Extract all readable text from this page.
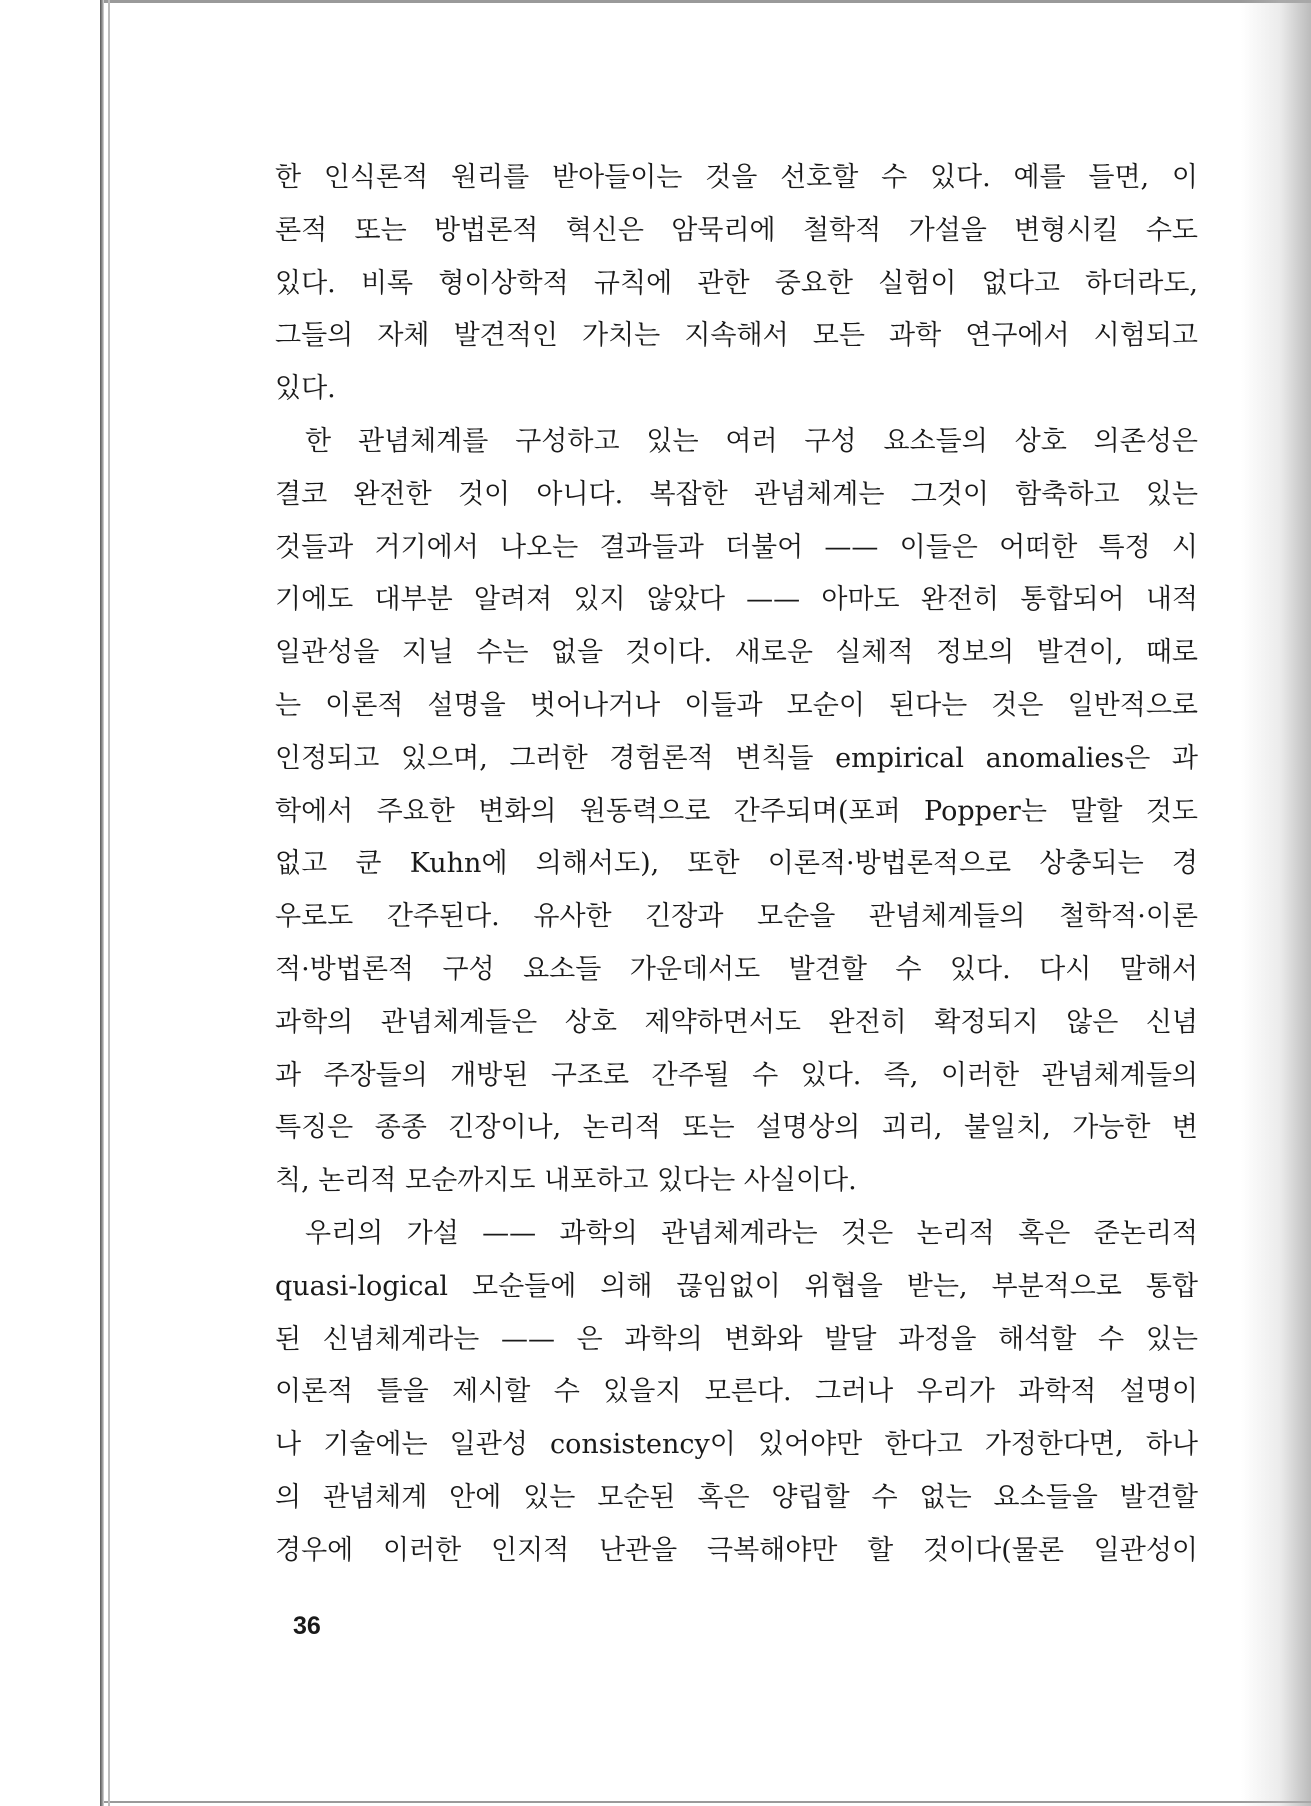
한 인식론적 원리를 받아들이는 것을 선호할 수 있다. 예를 들면, 이
론적 또는 방법론적 혁신은 암묵리에 철학적 가설을 변형시킬 수도
있다. 비록 형이상학적 규칙에 관한 중요한 실험이 없다고 하더라도,
그들의 자체 발견적인 가치는 지속해서 모든 과학 연구에서 시험되고
있다.
한 관념체계를 구성하고 있는 여러 구성 요소들의 상호 의존성은
결코 완전한 것이 아니다. 복잡한 관념체계는 그것이 함축하고 있는
것들과 거기에서 나오는 결과들과 더불어 —— 이들은 어떠한 특정 시
기에도 대부분 알려져 있지 않았다 —— 아마도 완전히 통합되어 내적
일관성을 지닐 수는 없을 것이다. 새로운 실체적 정보의 발견이, 때로
는 이론적 설명을 벗어나거나 이들과 모순이 된다는 것은 일반적으로
인정되고 있으며, 그러한 경험론적 변칙들 empirical anomalies은 과
학에서 주요한 변화의 원동력으로 간주되며(포퍼 Popper는 말할 것도
없고 쿤 Kuhn에 의해서도), 또한 이론적·방법론적으로 상충되는 경
우로도 간주된다. 유사한 긴장과 모순을 관념체계들의 철학적·이론
적·방법론적 구성 요소들 가운데서도 발견할 수 있다. 다시 말해서
과학의 관념체계들은 상호 제약하면서도 완전히 확정되지 않은 신념
과 주장들의 개방된 구조로 간주될 수 있다. 즉, 이러한 관념체계들의
특징은 종종 긴장이나, 논리적 또는 설명상의 괴리, 불일치, 가능한 변
칙, 논리적 모순까지도 내포하고 있다는 사실이다.
우리의 가설 —— 과학의 관념체계라는 것은 논리적 혹은 준논리적
quasi-logical 모순들에 의해 끊임없이 위협을 받는, 부분적으로 통합
된 신념체계라는 —— 은 과학의 변화와 발달 과정을 해석할 수 있는
이론적 틀을 제시할 수 있을지 모른다. 그러나 우리가 과학적 설명이
나 기술에는 일관성 consistency이 있어야만 한다고 가정한다면, 하나
의 관념체계 안에 있는 모순된 혹은 양립할 수 없는 요소들을 발견할
경우에 이러한 인지적 난관을 극복해야만 할 것이다(물론 일관성이
36
